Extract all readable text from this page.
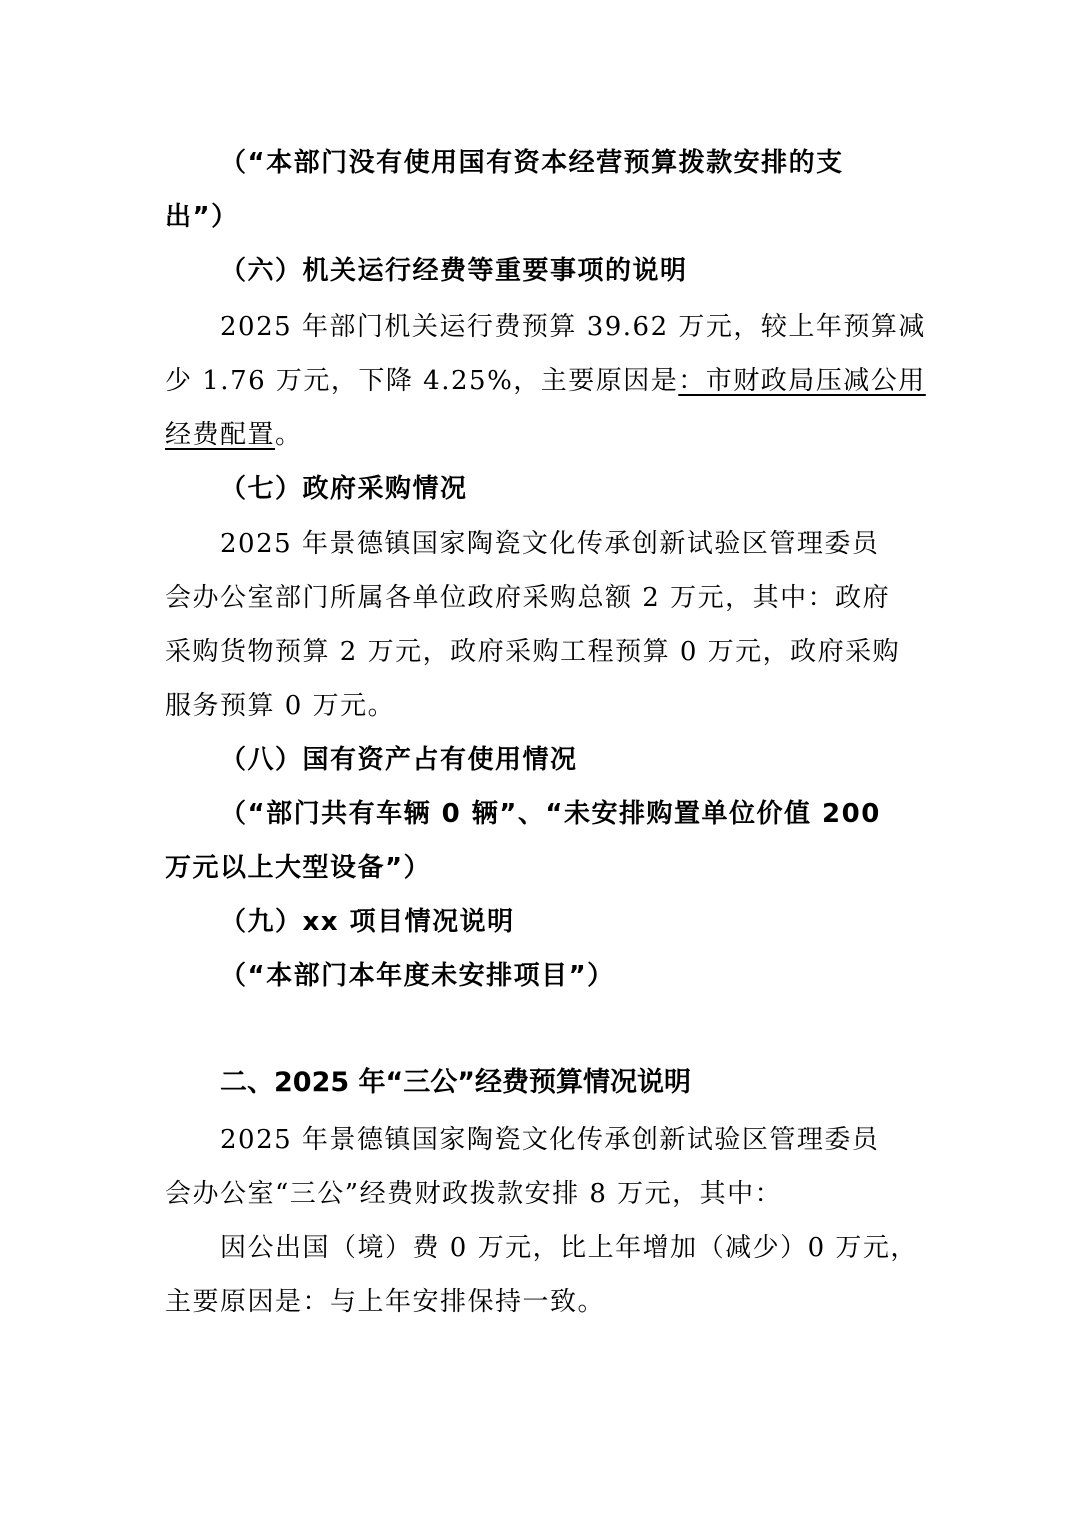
（“本部门没有使用国有资本经营预算拨款安排的支
出”）
（六）机关运行经费等重要事项的说明
2025 年部门机关运行费预算 39.62 万元，较上年预算减
少 1.76 万元，下降 4.25%，主要原因是：市财政局压减公用
经费配置。
（七）政府采购情况
2025 年景德镇国家陶瓷文化传承创新试验区管理委员
会办公室部门所属各单位政府采购总额 2 万元，其中：政府
采购货物预算 2 万元，政府采购工程预算 0 万元，政府采购
服务预算 0 万元。
（八）国有资产占有使用情况
（“部门共有车辆 0 辆”、“未安排购置单位价值 200
万元以上大型设备”）
（九）xx 项目情况说明
（“本部门本年度未安排项目”）
二、2025 年“三公”经费预算情况说明
2025 年景德镇国家陶瓷文化传承创新试验区管理委员
会办公室“三公”经费财政拨款安排 8 万元，其中：
因公出国（境）费 0 万元，比上年增加（减少）0 万元，
主要原因是：与上年安排保持一致。
